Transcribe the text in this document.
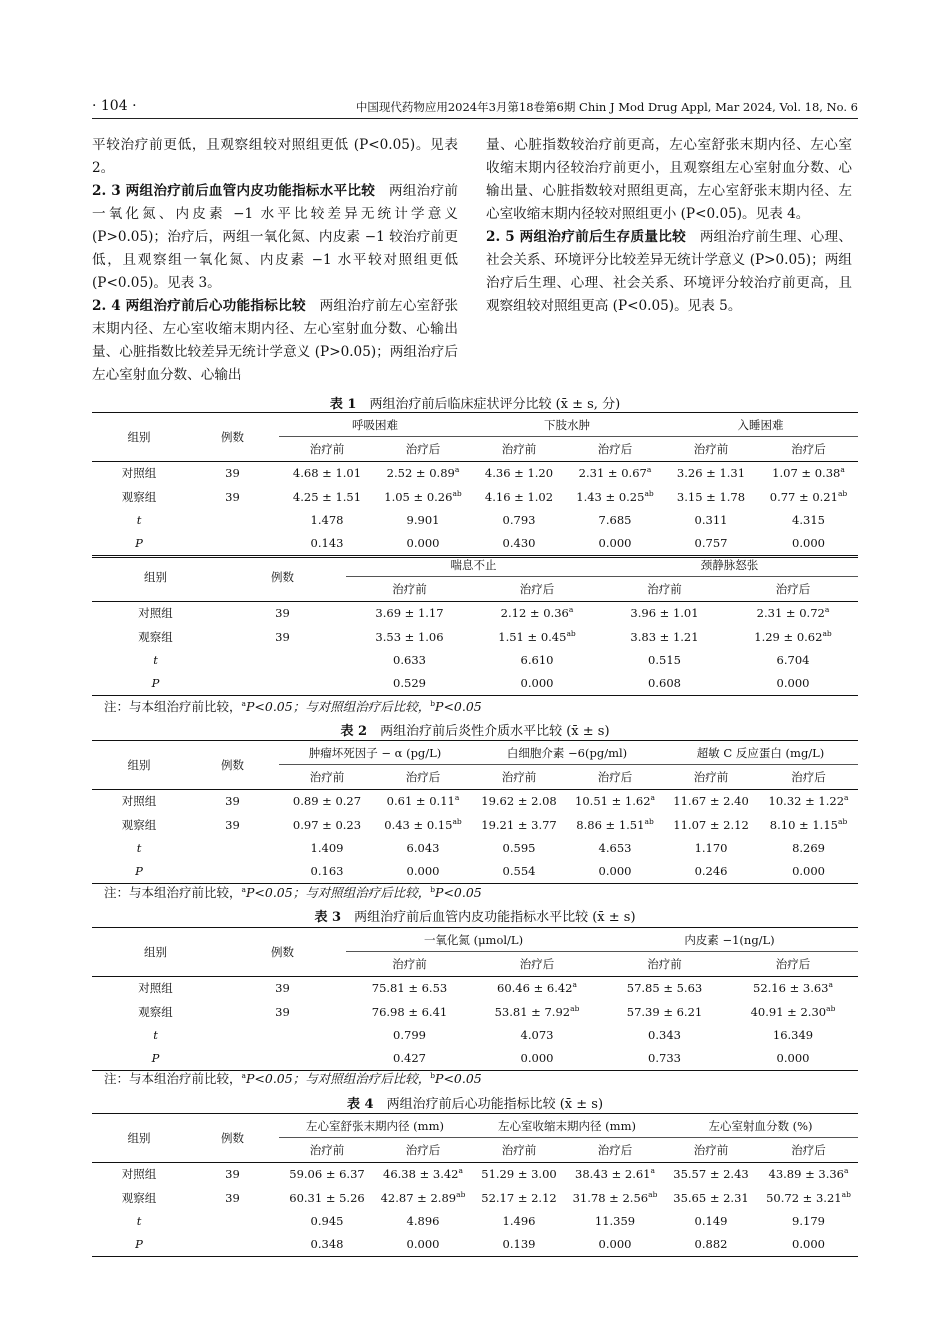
· 104 ·	中国现代药物应用2024年3月第18卷第6期 Chin J Mod Drug Appl, Mar 2024, Vol. 18, No. 6

平较治疗前更低，且观察组较对照组更低 (P<0.05)。见表 2。

2. 3 两组治疗前后血管内皮功能指标水平比较　 两组治疗前一氧化氮、内皮素 −1 水平比较差异无统计学意义 (P>0.05)；治疗后，两组一氧化氮、内皮素 −1 较治疗前更低，且观察组一氧化氮、内皮素 −1 水平较对照组更低 (P<0.05)。见表 3。

2. 4 两组治疗前后心功能指标比较　 两组治疗前左心室舒张末期内径、左心室收缩末期内径、左心室射血分数、心输出量、心脏指数比较差异无统计学意义 (P>0.05)；两组治疗后左心室射血分数、心输出

量、心脏指数较治疗前更高，左心室舒张末期内径、左心室收缩末期内径较治疗前更小，且观察组左心室射血分数、心输出量、心脏指数较对照组更高，左心室舒张末期内径、左心室收缩末期内径较对照组更小 (P<0.05)。见表 4。

2. 5 两组治疗前后生存质量比较　 两组治疗前生理、心理、社会关系、环境评分比较差异无统计学意义 (P>0.05)；两组治疗后生理、心理、社会关系、环境评分较治疗前更高，且观察组较对照组更高 (P<0.05)。见表 5。

表 1　 两组治疗前后临床症状评分比较 (x̄ ± s, 分)
组别	例数	呼吸困难		下肢水肿		入睡困难	
		治疗前	治疗后	治疗前	治疗后	治疗前	治疗后
对照组	39	4.68 ± 1.01	2.52 ± 0.89$^a$	4.36 ± 1.20	2.31 ± 0.67$^a$	3.26 ± 1.31	1.07 ± 0.38$^a$
观察组	39	4.25 ± 1.51	1.05 ± 0.26$^{ab}$	4.16 ± 1.02	1.43 ± 0.25$^{ab}$	3.15 ± 1.78	0.77 ± 0.21$^{ab}$
t		1.478	9.901	0.793	7.685	0.311	4.315
P		0.143	0.000	0.430	0.000	0.757	0.000
组别	例数	喘息不止		颈静脉怒张	
		治疗前	治疗后	治疗前	治疗后
对照组	39	3.69 ± 1.17	2.12 ± 0.36$^a$	3.96 ± 1.01	2.31 ± 0.72$^a$
观察组	39	3.53 ± 1.06	1.51 ± 0.45$^{ab}$	3.83 ± 1.21	1.29 ± 0.62$^{ab}$
t		0.633	6.610	0.515	6.704
P		0.529	0.000	0.608	0.000
注：与本组治疗前比较，$^a$P<0.05；与对照组治疗后比较，$^b$P<0.05
表 2　 两组治疗前后炎性介质水平比较 (x̄ ± s)
组别	例数	肿瘤坏死因子 − α (pg/L)		白细胞介素 −6(pg/ml)		超敏 C 反应蛋白 (mg/L)	
		治疗前	治疗后	治疗前	治疗后	治疗前	治疗后
对照组	39	0.89 ± 0.27	0.61 ± 0.11$^a$	19.62 ± 2.08	10.51 ± 1.62$^a$	11.67 ± 2.40	10.32 ± 1.22$^a$
观察组	39	0.97 ± 0.23	0.43 ± 0.15$^{ab}$	19.21 ± 3.77	8.86 ± 1.51$^{ab}$	11.07 ± 2.12	8.10 ± 1.15$^{ab}$
t		1.409	6.043	0.595	4.653	1.170	8.269
P		0.163	0.000	0.554	0.000	0.246	0.000
注：与本组治疗前比较，$^a$P<0.05；与对照组治疗后比较，$^b$P<0.05
表 3　 两组治疗前后血管内皮功能指标水平比较 (x̄ ± s)
组别	例数	一氧化氮 (μmol/L)		内皮素 −1(ng/L)	
		治疗前	治疗后	治疗前	治疗后
对照组	39	75.81 ± 6.53	60.46 ± 6.42$^a$	57.85 ± 5.63	52.16 ± 3.63$^a$
观察组	39	76.98 ± 6.41	53.81 ± 7.92$^{ab}$	57.39 ± 6.21	40.91 ± 2.30$^{ab}$
t		0.799	4.073	0.343	16.349
P		0.427	0.000	0.733	0.000
注：与本组治疗前比较，$^a$P<0.05；与对照组治疗后比较，$^b$P<0.05
表 4　 两组治疗前后心功能指标比较 (x̄ ± s)
组别	例数	左心室舒张末期内径 (mm)		左心室收缩末期内径 (mm)		左心室射血分数 (%)	
		治疗前	治疗后	治疗前	治疗后	治疗前	治疗后
对照组	39	59.06 ± 6.37	46.38 ± 3.42$^a$	51.29 ± 3.00	38.43 ± 2.61$^a$	35.57 ± 2.43	43.89 ± 3.36$^a$
观察组	39	60.31 ± 5.26	42.87 ± 2.89$^{ab}$	52.17 ± 2.12	31.78 ± 2.56$^{ab}$	35.65 ± 2.31	50.72 ± 3.21$^{ab}$
t		0.945	4.896	1.496	11.359	0.149	9.179
P		0.348	0.000	0.139	0.000	0.882	0.000
